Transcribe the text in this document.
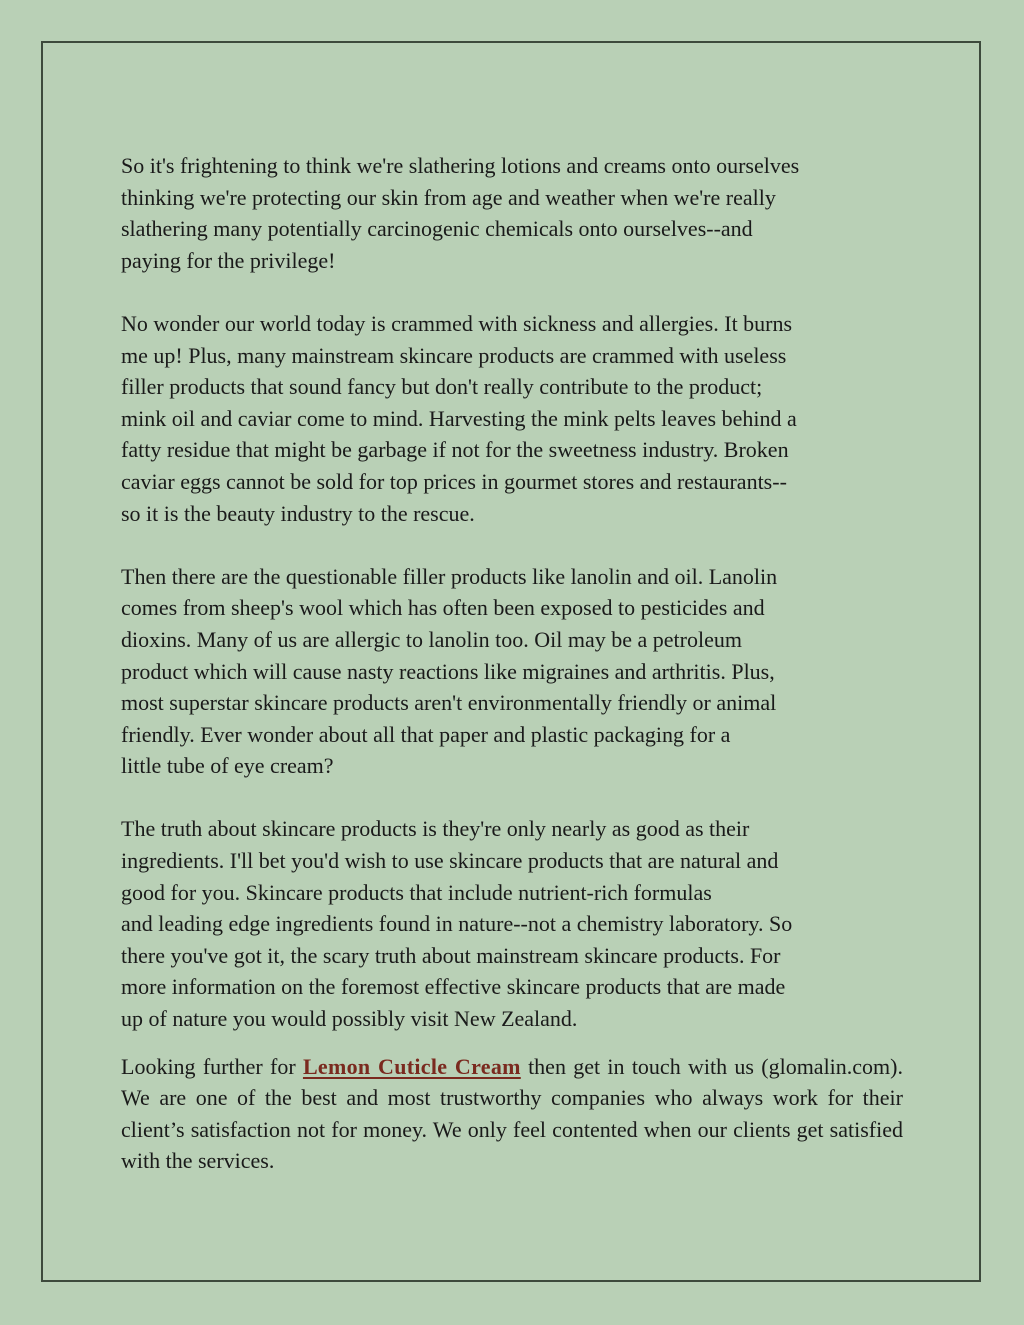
So it's frightening to think we're slathering lotions and creams onto ourselves
thinking we're protecting our skin from age and weather when we're really
slathering many potentially carcinogenic chemicals onto ourselves--and
paying for the privilege!

No wonder our world today is crammed with sickness and allergies. It burns
me up! Plus, many mainstream skincare products are crammed with useless
filler products that sound fancy but don't really contribute to the product;
mink oil and caviar come to mind. Harvesting the mink pelts leaves behind a
fatty residue that might be garbage if not for the sweetness industry. Broken
caviar eggs cannot be sold for top prices in gourmet stores and restaurants--
so it is the beauty industry to the rescue.

Then there are the questionable filler products like lanolin and oil. Lanolin
comes from sheep's wool which has often been exposed to pesticides and
dioxins. Many of us are allergic to lanolin too. Oil may be a petroleum
product which will cause nasty reactions like migraines and arthritis. Plus,
most superstar skincare products aren't environmentally friendly or animal
friendly. Ever wonder about all that paper and plastic packaging for a
little tube of eye cream?

The truth about skincare products is they're only nearly as good as their
ingredients. I'll bet you'd wish to use skincare products that are natural and
good for you. Skincare products that include nutrient-rich formulas
and leading edge ingredients found in nature--not a chemistry laboratory. So
there you've got it, the scary truth about mainstream skincare products. For
more information on the foremost effective skincare products that are made
up of nature you would possibly visit New Zealand.

Looking further for Lemon Cuticle Cream then get in touch with us (glomalin.com). We are one of the best and most trustworthy companies who always work for their client’s satisfaction not for money. We only feel contented when our clients get satisfied with the services.
